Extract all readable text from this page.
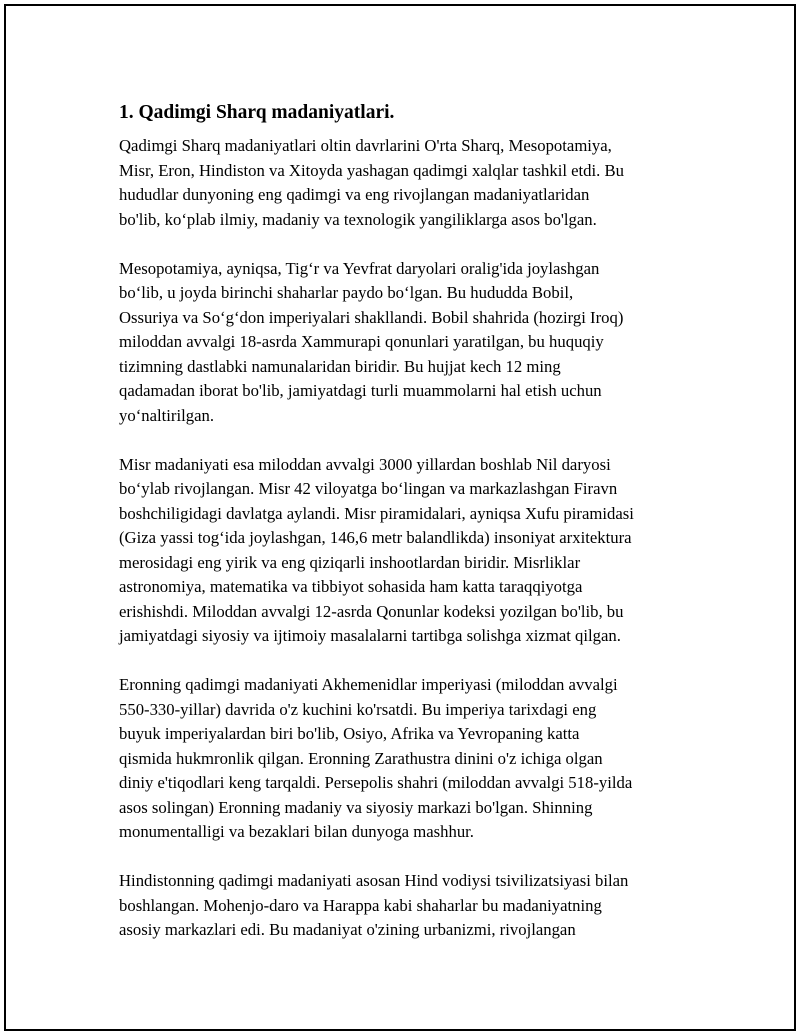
1. Qadimgi Sharq madaniyatlari.
Qadimgi Sharq madaniyatlari oltin davrlarini O'rta Sharq, Mesopotamiya,
Misr, Eron, Hindiston va Xitoyda yashagan qadimgi xalqlar tashkil etdi. Bu
hududlar dunyoning eng qadimgi va eng rivojlangan madaniyatlaridan
bo'lib, ko‘plab ilmiy, madaniy va texnologik yangiliklarga asos bo'lgan.
Mesopotamiya, ayniqsa, Tig‘r va Yevfrat daryolari oralig'ida joylashgan
bo‘lib, u joyda birinchi shaharlar paydo bo‘lgan. Bu hududda Bobil,
Ossuriya va So‘g‘don imperiyalari shakllandi. Bobil shahrida (hozirgi Iroq)
miloddan avvalgi 18-asrda Xammurapi qonunlari yaratilgan, bu huquqiy
tizimning dastlabki namunalaridan biridir. Bu hujjat kech 12 ming
qadamadan iborat bo'lib, jamiyatdagi turli muammolarni hal etish uchun
yo‘naltirilgan.
Misr madaniyati esa miloddan avvalgi 3000 yillardan boshlab Nil daryosi
bo‘ylab rivojlangan. Misr 42 viloyatga bo‘lingan va markazlashgan Firavn
boshchiligidagi davlatga aylandi. Misr piramidalari, ayniqsa Xufu piramidasi
(Giza yassi tog‘ida joylashgan, 146,6 metr balandlikda) insoniyat arxitektura
merosidagi eng yirik va eng qiziqarli inshootlardan biridir. Misrliklar
astronomiya, matematika va tibbiyot sohasida ham katta taraqqiyotga
erishishdi. Miloddan avvalgi 12-asrda Qonunlar kodeksi yozilgan bo'lib, bu
jamiyatdagi siyosiy va ijtimoiy masalalarni tartibga solishga xizmat qilgan.
Eronning qadimgi madaniyati Akhemenidlar imperiyasi (miloddan avvalgi
550-330-yillar) davrida o'z kuchini ko'rsatdi. Bu imperiya tarixdagi eng
buyuk imperiyalardan biri bo'lib, Osiyo, Afrika va Yevropaning katta
qismida hukmronlik qilgan. Eronning Zarathustra dinini o'z ichiga olgan
diniy e'tiqodlari keng tarqaldi. Persepolis shahri (miloddan avvalgi 518-yilda
asos solingan) Eronning madaniy va siyosiy markazi bo'lgan. Shinning
monumentalligi va bezaklari bilan dunyoga mashhur.
Hindistonning qadimgi madaniyati asosan Hind vodiysi tsivilizatsiyasi bilan
boshlangan. Mohenjo-daro va Harappa kabi shaharlar bu madaniyatning
asosiy markazlari edi. Bu madaniyat o'zining urbanizmi, rivojlangan
